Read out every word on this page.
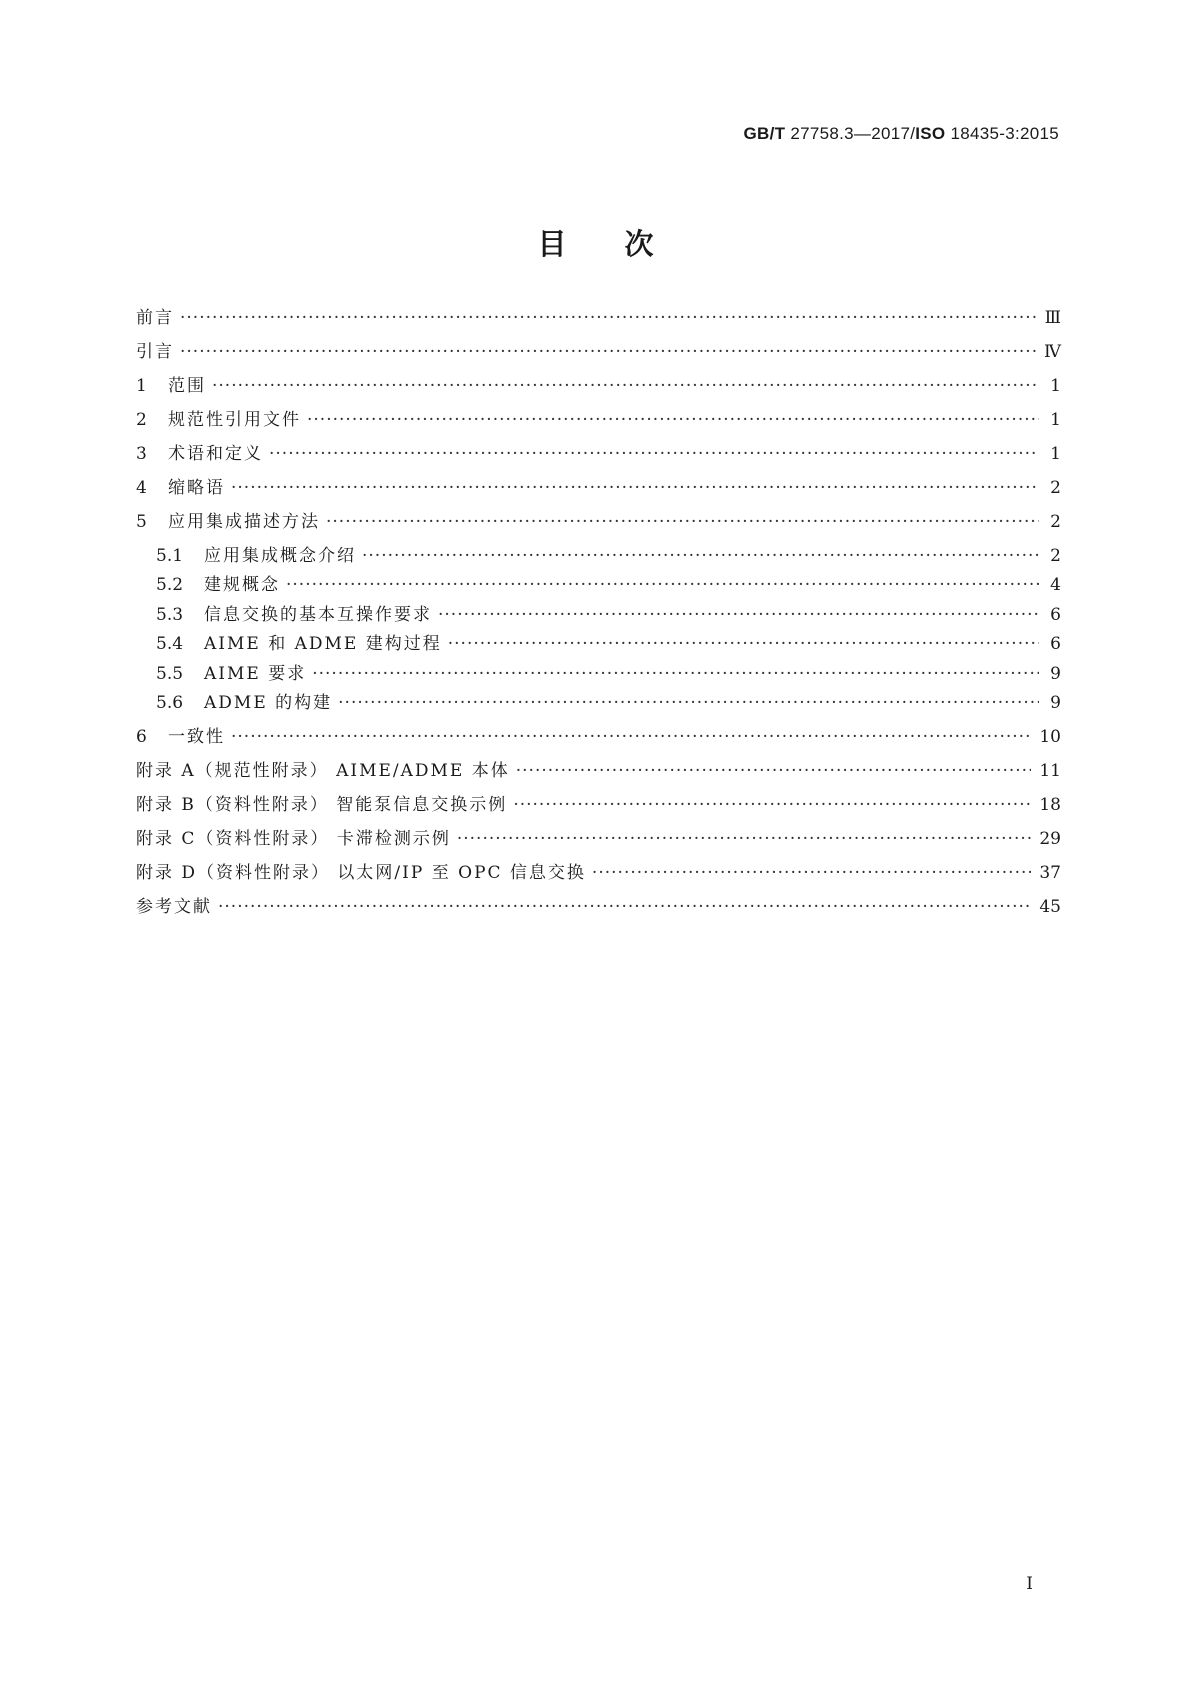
GB/T 27758.3—2017/ISO 18435-3:2015
目次
前言 ·····	Ⅲ
引言 ·····	Ⅳ
1	范围 ·····	1
2	规范性引用文件 ·····	1
3	术语和定义 ·····	1
4	缩略语 ·····	2
5	应用集成描述方法 ·····	2
5.1	应用集成概念介绍 ·····	2
5.2	建规概念 ·····	4
5.3	信息交换的基本互操作要求 ·····	6
5.4	AIME 和 ADME 建构过程 ·····	6
5.5	AIME 要求 ·····	9
5.6	ADME 的构建 ·····	9
6	一致性 ·····	10
附录 A（规范性附录） AIME/ADME 本体 ·····	11
附录 B（资料性附录） 智能泵信息交换示例 ·····	18
附录 C（资料性附录） 卡滞检测示例 ·····	29
附录 D（资料性附录） 以太网/IP 至 OPC 信息交换 ·····	37
参考文献 ·····	45
I
